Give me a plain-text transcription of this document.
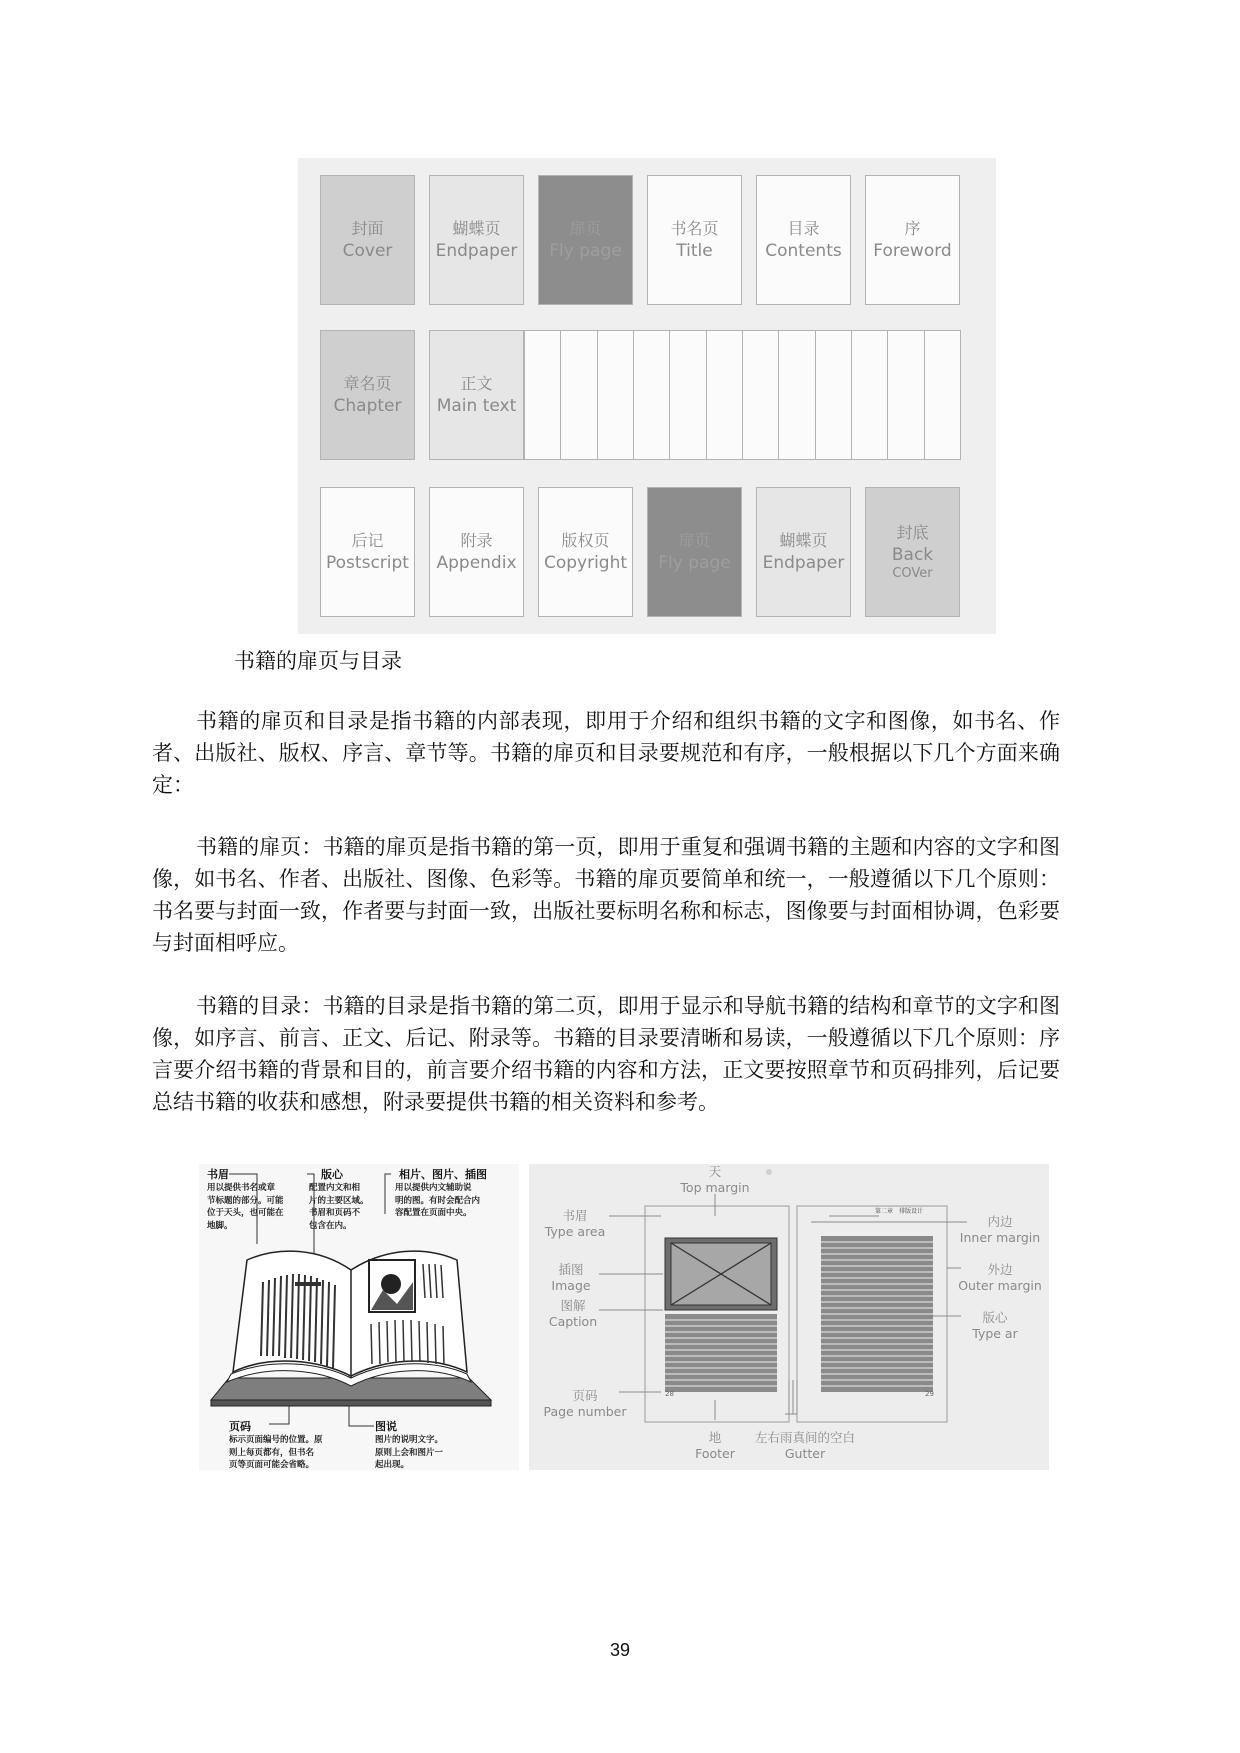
封面
Cover
蝴蝶页
Endpaper
扉页
Fly page
书名页
Title
目录
Contents
序
Foreword
章名页
Chapter
正文
Main text
后记
Postscript
附录
Appendix
版权页
Copyright
扉页
Fly page
蝴蝶页
Endpaper
封底
Back
COVer
书籍的扉页与目录

书籍的扉页和目录是指书籍的内部表现，即用于介绍和组织书籍的文字和图像，如书名、作者、出版社、版权、序言、章节等。书籍的扉页和目录要规范和有序，一般根据以下几个方面来确定：

书籍的扉页：书籍的扉页是指书籍的第一页，即用于重复和强调书籍的主题和内容的文字和图像，如书名、作者、出版社、图像、色彩等。书籍的扉页要简单和统一，一般遵循以下几个原则：书名要与封面一致，作者要与封面一致，出版社要标明名称和标志，图像要与封面相协调，色彩要与封面相呼应。

书籍的目录：书籍的目录是指书籍的第二页，即用于显示和导航书籍的结构和章节的文字和图像，如序言、前言、正文、后记、附录等。书籍的目录要清晰和易读，一般遵循以下几个原则：序言要介绍书籍的背景和目的，前言要介绍书籍的内容和方法，正文要按照章节和页码排列，后记要总结书籍的收获和感想，附录要提供书籍的相关资料和参考。

书眉
用以提供书名或章
节标题的部分。可能
位于天头，也可能在
地脚。
版心
配置内文和相
片的主要区域。
书眉和页码不
包含在内。
相片、图片、插图
用以提供内文辅助说
明的图。有时会配合内
容配置在页面中央。
页码
标示页面编号的位置。原
则上每页都有，但书名
页等页面可能会省略。
图说
图片的说明文字。
原则上会和图片一
起出现。
天
Top margin
书眉
Type area
插图
Image
图解
Caption
页码
Page number
内边
Inner margin
外边
Outer margin
版心
Type ar
地
Footer
左右雨真间的空白
Gutter
第二章　排版设计
28	29
39
